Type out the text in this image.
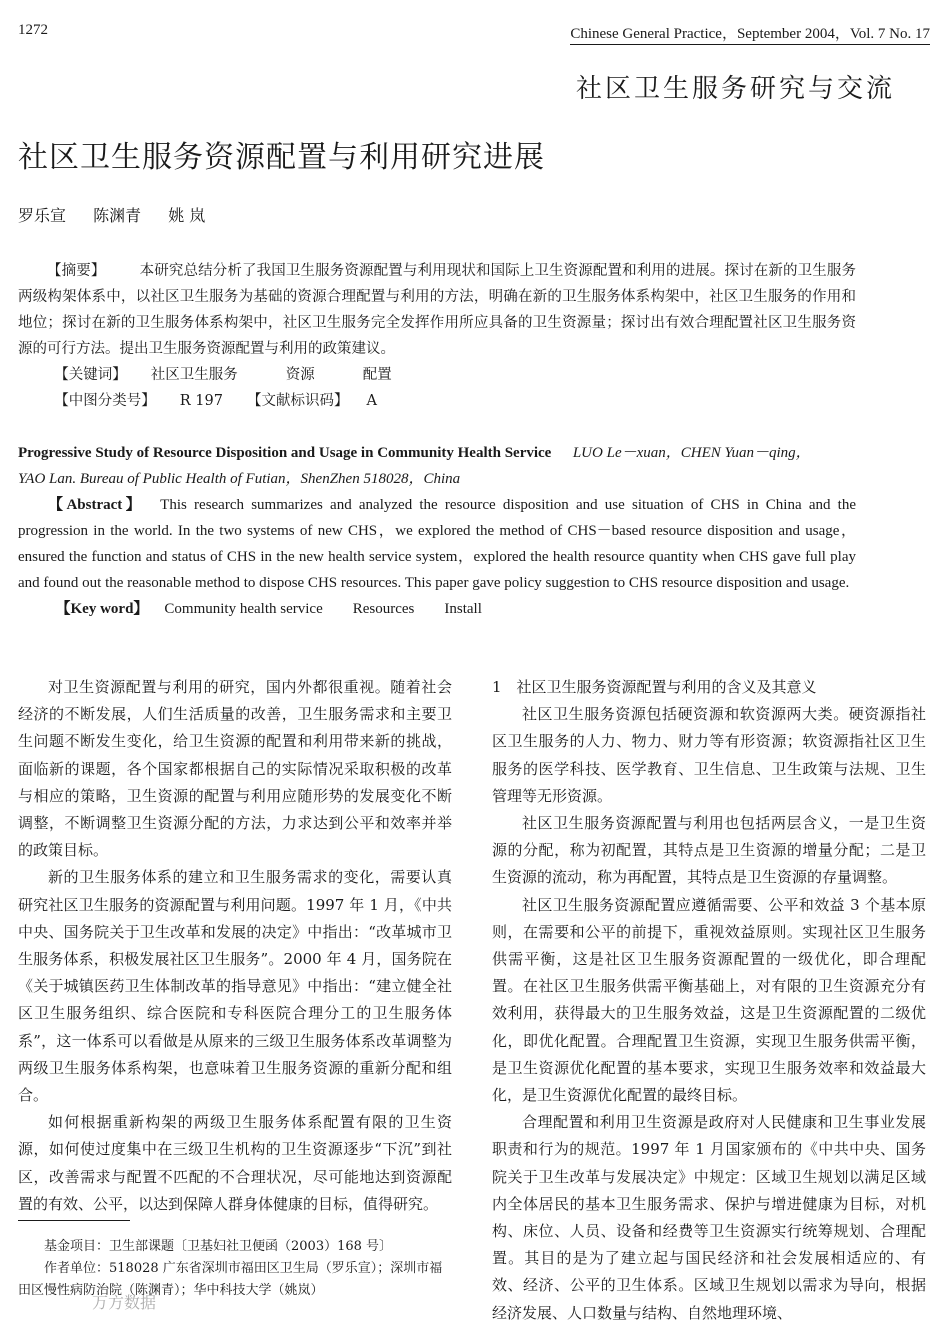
1272	Chinese General Practice，September 2004，Vol. 7 No. 17
社区卫生服务研究与交流
社区卫生服务资源配置与利用研究进展
罗乐宣 陈渊青 姚 岚

【摘要】 本研究总结分析了我国卫生服务资源配置与利用现状和国际上卫生资源配置和利用的进展。探讨在新的卫生服务两级构架体系中，以社区卫生服务为基础的资源合理配置与利用的方法，明确在新的卫生服务体系构架中，社区卫生服务的作用和地位；探讨在新的卫生服务体系构架中，社区卫生服务完全发挥作用所应具备的卫生资源量；探讨出有效合理配置社区卫生服务资源的可行方法。提出卫生服务资源配置与利用的政策建议。

【关键词】 社区卫生服务	资源	配置

【中图分类号】 R 197 【文献标识码】 A

Progressive Study of Resource Disposition and Usage in Community Health Service LUO Le－xuan，CHEN Yuan－qing，

YAO Lan. Bureau of Public Health of Futian，ShenZhen 518028，China

【Abstract】 This research summarizes and analyzed the resource disposition and use situation of CHS in China and the progression in the world. In the two systems of new CHS，we explored the method of CHS－based resource disposition and usage，ensured the function and status of CHS in the new health service system，explored the health resource quantity when CHS gave full play and found out the reasonable method to dispose CHS resources. This paper gave policy suggestion to CHS resource disposition and usage.

【Key word】 Community health service Resources Install

对卫生资源配置与利用的研究，国内外都很重视。随着社会经济的不断发展，人们生活质量的改善，卫生服务需求和主要卫生问题不断发生变化，给卫生资源的配置和利用带来新的挑战，面临新的课题，各个国家都根据自己的实际情况采取积极的改革与相应的策略，卫生资源的配置与利用应随形势的发展变化不断调整，不断调整卫生资源分配的方法，力求达到公平和效率并举的政策目标。

新的卫生服务体系的建立和卫生服务需求的变化，需要认真研究社区卫生服务的资源配置与利用问题。1997 年 1 月，《中共中央、国务院关于卫生改革和发展的决定》中指出：“改革城市卫生服务体系，积极发展社区卫生服务”。2000 年 4 月，国务院在《关于城镇医药卫生体制改革的指导意见》中指出：“建立健全社区卫生服务组织、综合医院和专科医院合理分工的卫生服务体系”，这一体系可以看做是从原来的三级卫生服务体系改革调整为两级卫生服务体系构架，也意味着卫生服务资源的重新分配和组合。

如何根据重新构架的两级卫生服务体系配置有限的卫生资源，如何使过度集中在三级卫生机构的卫生资源逐步“下沉”到社区，改善需求与配置不匹配的不合理状况，尽可能地达到资源配置的有效、公平，以达到保障人群身体健康的目标，值得研究。

基金项目：卫生部课题〔卫基妇社卫便函（2003）168 号〕

作者单位：518028 广东省深圳市福田区卫生局（罗乐宣）；深圳市福田区慢性病防治院（陈渊青）；华中科技大学（姚岚）

1　社区卫生服务资源配置与利用的含义及其意义

社区卫生服务资源包括硬资源和软资源两大类。硬资源指社区卫生服务的人力、物力、财力等有形资源；软资源指社区卫生服务的医学科技、医学教育、卫生信息、卫生政策与法规、卫生管理等无形资源。

社区卫生服务资源配置与利用也包括两层含义，一是卫生资源的分配，称为初配置，其特点是卫生资源的增量分配；二是卫生资源的流动，称为再配置，其特点是卫生资源的存量调整。

社区卫生服务资源配置应遵循需要、公平和效益 3 个基本原则，在需要和公平的前提下，重视效益原则。实现社区卫生服务供需平衡，这是社区卫生服务资源配置的一级优化，即合理配置。在社区卫生服务供需平衡基础上，对有限的卫生资源充分有效利用，获得最大的卫生服务效益，这是卫生资源配置的二级优化，即优化配置。合理配置卫生资源，实现卫生服务供需平衡，是卫生资源优化配置的基本要求，实现卫生服务效率和效益最大化，是卫生资源优化配置的最终目标。

合理配置和利用卫生资源是政府对人民健康和卫生事业发展职责和行为的规范。1997 年 1 月国家颁布的《中共中央、国务院关于卫生改革与发展决定》中规定：区域卫生规划以满足区域内全体居民的基本卫生服务需求、保护与增进健康为目标，对机构、床位、人员、设备和经费等卫生资源实行统筹规划、合理配置。其目的是为了建立起与国民经济和社会发展相适应的、有效、经济、公平的卫生体系。区域卫生规划以需求为导向，根据经济发展、人口数量与结构、自然地理环境、

万方数据
